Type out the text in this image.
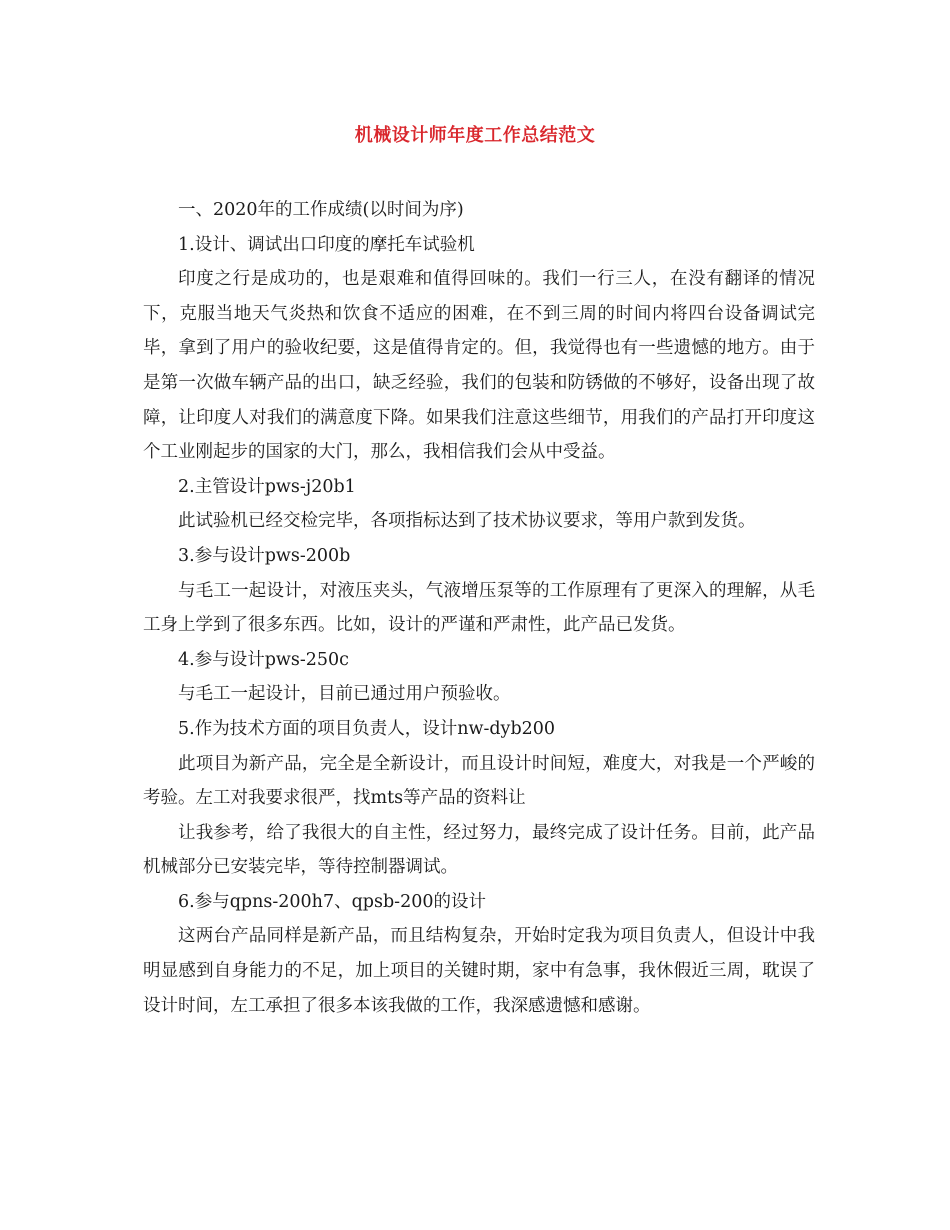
机械设计师年度工作总结范文

一、2020年的工作成绩(以时间为序)

1.设计、调试出口印度的摩托车试验机

印度之行是成功的，也是艰难和值得回味的。我们一行三人，在没有翻译的情况下，克服当地天气炎热和饮食不适应的困难，在不到三周的时间内将四台设备调试完毕，拿到了用户的验收纪要，这是值得肯定的。但，我觉得也有一些遗憾的地方。由于是第一次做车辆产品的出口，缺乏经验，我们的包装和防锈做的不够好，设备出现了故障，让印度人对我们的满意度下降。如果我们注意这些细节，用我们的产品打开印度这个工业刚起步的国家的大门，那么，我相信我们会从中受益。

2.主管设计pws-j20b1

此试验机已经交检完毕，各项指标达到了技术协议要求，等用户款到发货。

3.参与设计pws-200b

与毛工一起设计，对液压夹头，气液增压泵等的工作原理有了更深入的理解，从毛工身上学到了很多东西。比如，设计的严谨和严肃性，此产品已发货。

4.参与设计pws-250c

与毛工一起设计，目前已通过用户预验收。

5.作为技术方面的项目负责人，设计nw-dyb200

此项目为新产品，完全是全新设计，而且设计时间短，难度大，对我是一个严峻的考验。左工对我要求很严，找mts等产品的资料让

让我参考，给了我很大的自主性，经过努力，最终完成了设计任务。目前，此产品机械部分已安装完毕，等待控制器调试。

6.参与qpns-200h7、qpsb-200的设计

这两台产品同样是新产品，而且结构复杂，开始时定我为项目负责人，但设计中我明显感到自身能力的不足，加上项目的关键时期，家中有急事，我休假近三周，耽误了设计时间，左工承担了很多本该我做的工作，我深感遗憾和感谢。
